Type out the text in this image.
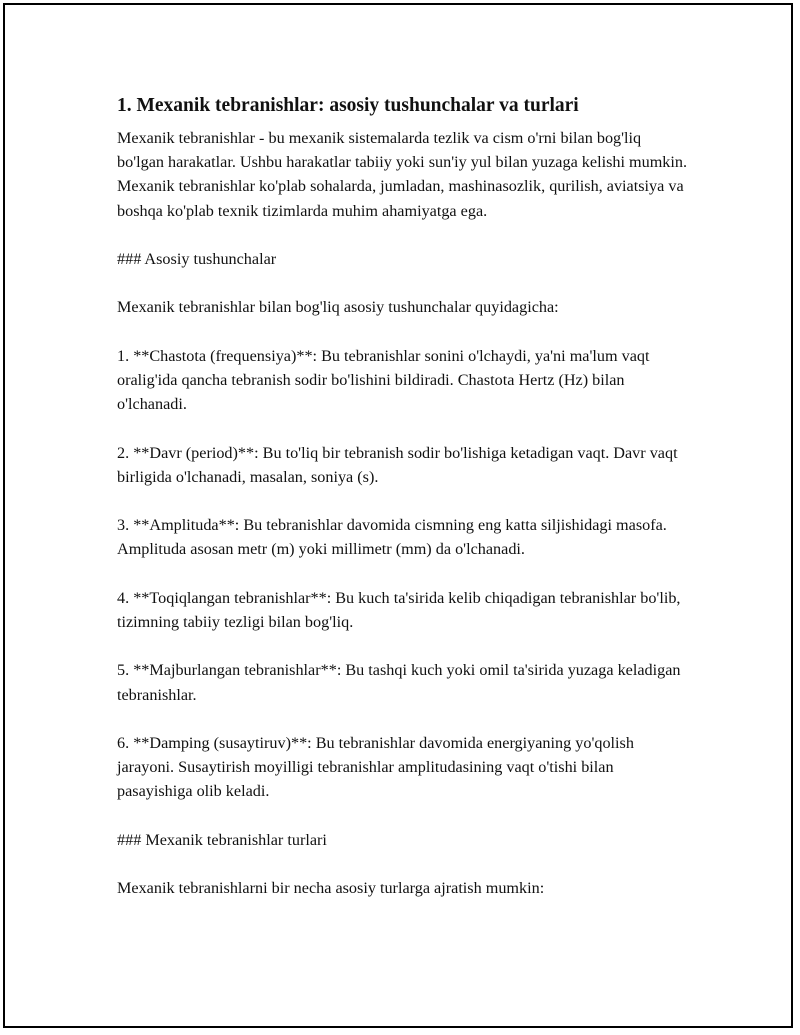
1. Mexanik tebranishlar: asosiy tushunchalar va turlari

Mexanik tebranishlar - bu mexanik sistemalarda tezlik va cism o'rni bilan bog'liq bo'lgan harakatlar. Ushbu harakatlar tabiiy yoki sun'iy yul bilan yuzaga kelishi mumkin. Mexanik tebranishlar ko'plab sohalarda, jumladan, mashinasozlik, qurilish, aviatsiya va boshqa ko'plab texnik tizimlarda muhim ahamiyatga ega.

### Asosiy tushunchalar

Mexanik tebranishlar bilan bog'liq asosiy tushunchalar quyidagicha:

1. **Chastota (frequensiya)**: Bu tebranishlar sonini o'lchaydi, ya'ni ma'lum vaqt oralig'ida qancha tebranish sodir bo'lishini bildiradi. Chastota Hertz (Hz) bilan o'lchanadi.

2. **Davr (period)**: Bu to'liq bir tebranish sodir bo'lishiga ketadigan vaqt. Davr vaqt birligida o'lchanadi, masalan, soniya (s).

3. **Amplituda**: Bu tebranishlar davomida cismning eng katta siljishidagi masofa. Amplituda asosan metr (m) yoki millimetr (mm) da o'lchanadi.

4. **Toqiqlangan tebranishlar**: Bu kuch ta'sirida kelib chiqadigan tebranishlar bo'lib, tizimning tabiiy tezligi bilan bog'liq.

5. **Majburlangan tebranishlar**: Bu tashqi kuch yoki omil ta'sirida yuzaga keladigan tebranishlar.

6. **Damping (susaytiruv)**: Bu tebranishlar davomida energiyaning yo'qolish jarayoni. Susaytirish moyilligi tebranishlar amplitudasining vaqt o'tishi bilan pasayishiga olib keladi.

### Mexanik tebranishlar turlari

Mexanik tebranishlarni bir necha asosiy turlarga ajratish mumkin:
